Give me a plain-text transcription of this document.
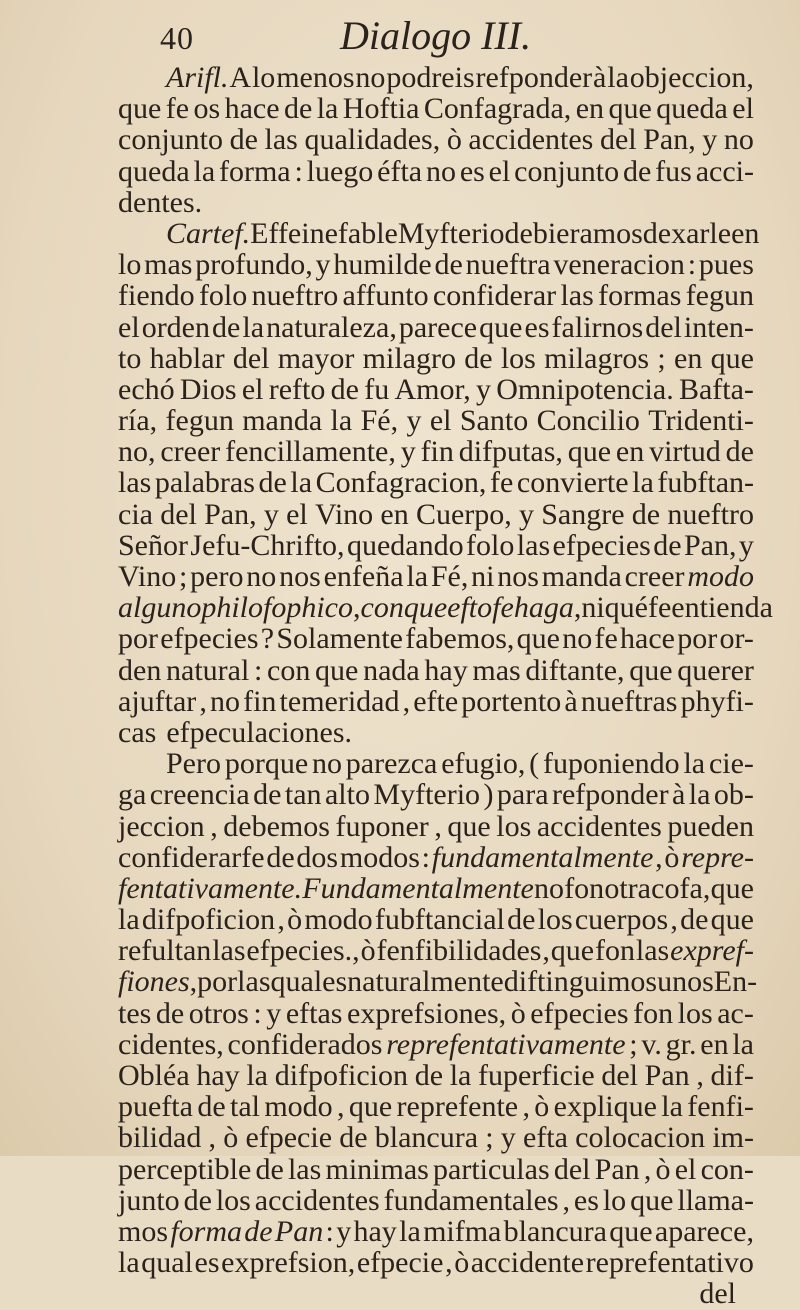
40	Dialogo III.
Arifl. A lo menos no podreis refponder à la objeccion,
que fe os hace de la Hoftia Confagrada, en que queda el
conjunto de las qualidades, ò accidentes del Pan, y no
queda la forma : luego éfta no es el conjunto de fus acci-
dentes.
Cartef. Effe inefable Myfterio debieramos dexarle en
lo mas profundo, y humilde de nueftra veneracion : pues
fiendo folo nueftro affunto confiderar las formas fegun
el orden de la naturaleza, parece que es falirnos del inten-
to hablar del mayor milagro de los milagros ; en que
echó Dios el refto de fu Amor, y Omnipotencia. Bafta-
ría, fegun manda la Fé, y el Santo Concilio Tridenti-
no, creer fencillamente, y fin difputas, que en virtud de
las palabras de la Confagracion, fe convierte la fubftan-
cia del Pan, y el Vino en Cuerpo, y Sangre de nueftro
Señor Jefu-Chrifto, quedando folo las efpecies de Pan, y
Vino ; pero no nos enfeña la Fé, ni nos manda creer modo
alguno philofophico , con que efto fe haga , ni qué fe entienda
por efpecies ? Solamente fabemos, que no fe hace por or-
den natural : con que nada hay mas diftante, que querer
ajuftar , no fin temeridad , efte portento à nueftras phyfi-
cas efpeculaciones.
Pero porque no parezca efugio, ( fuponiendo la cie-
ga creencia de tan alto Myfterio ) para refponder à la ob-
jeccion , debemos fuponer , que los accidentes pueden
confiderarfe de dos modos : fundamentalmente , ò repre-
fentativamente. Fundamentalmente no fon otra cofa , que
la difpoficion , ò modo fubftancial de los cuerpos , de que
refultan las efpecies., ò fenfibilidades , que fon las expref-
fiones , por las quales naturalmente diftinguimos unos En-
tes de otros : y eftas exprefsiones, ò efpecies fon los ac-
cidentes, confiderados reprefentativamente ; v. gr. en la
Obléa hay la difpoficion de la fuperficie del Pan , dif-
puefta de tal modo , que reprefente , ò explique la fenfi-
bilidad , ò efpecie de blancura ; y efta colocacion im-
perceptible de las minimas particulas del Pan , ò el con-
junto de los accidentes fundamentales , es lo que llama-
mos forma de Pan : y hay la mifma blancura que aparece,
la qual es exprefsion, efpecie , ò accidente reprefentativo
del
